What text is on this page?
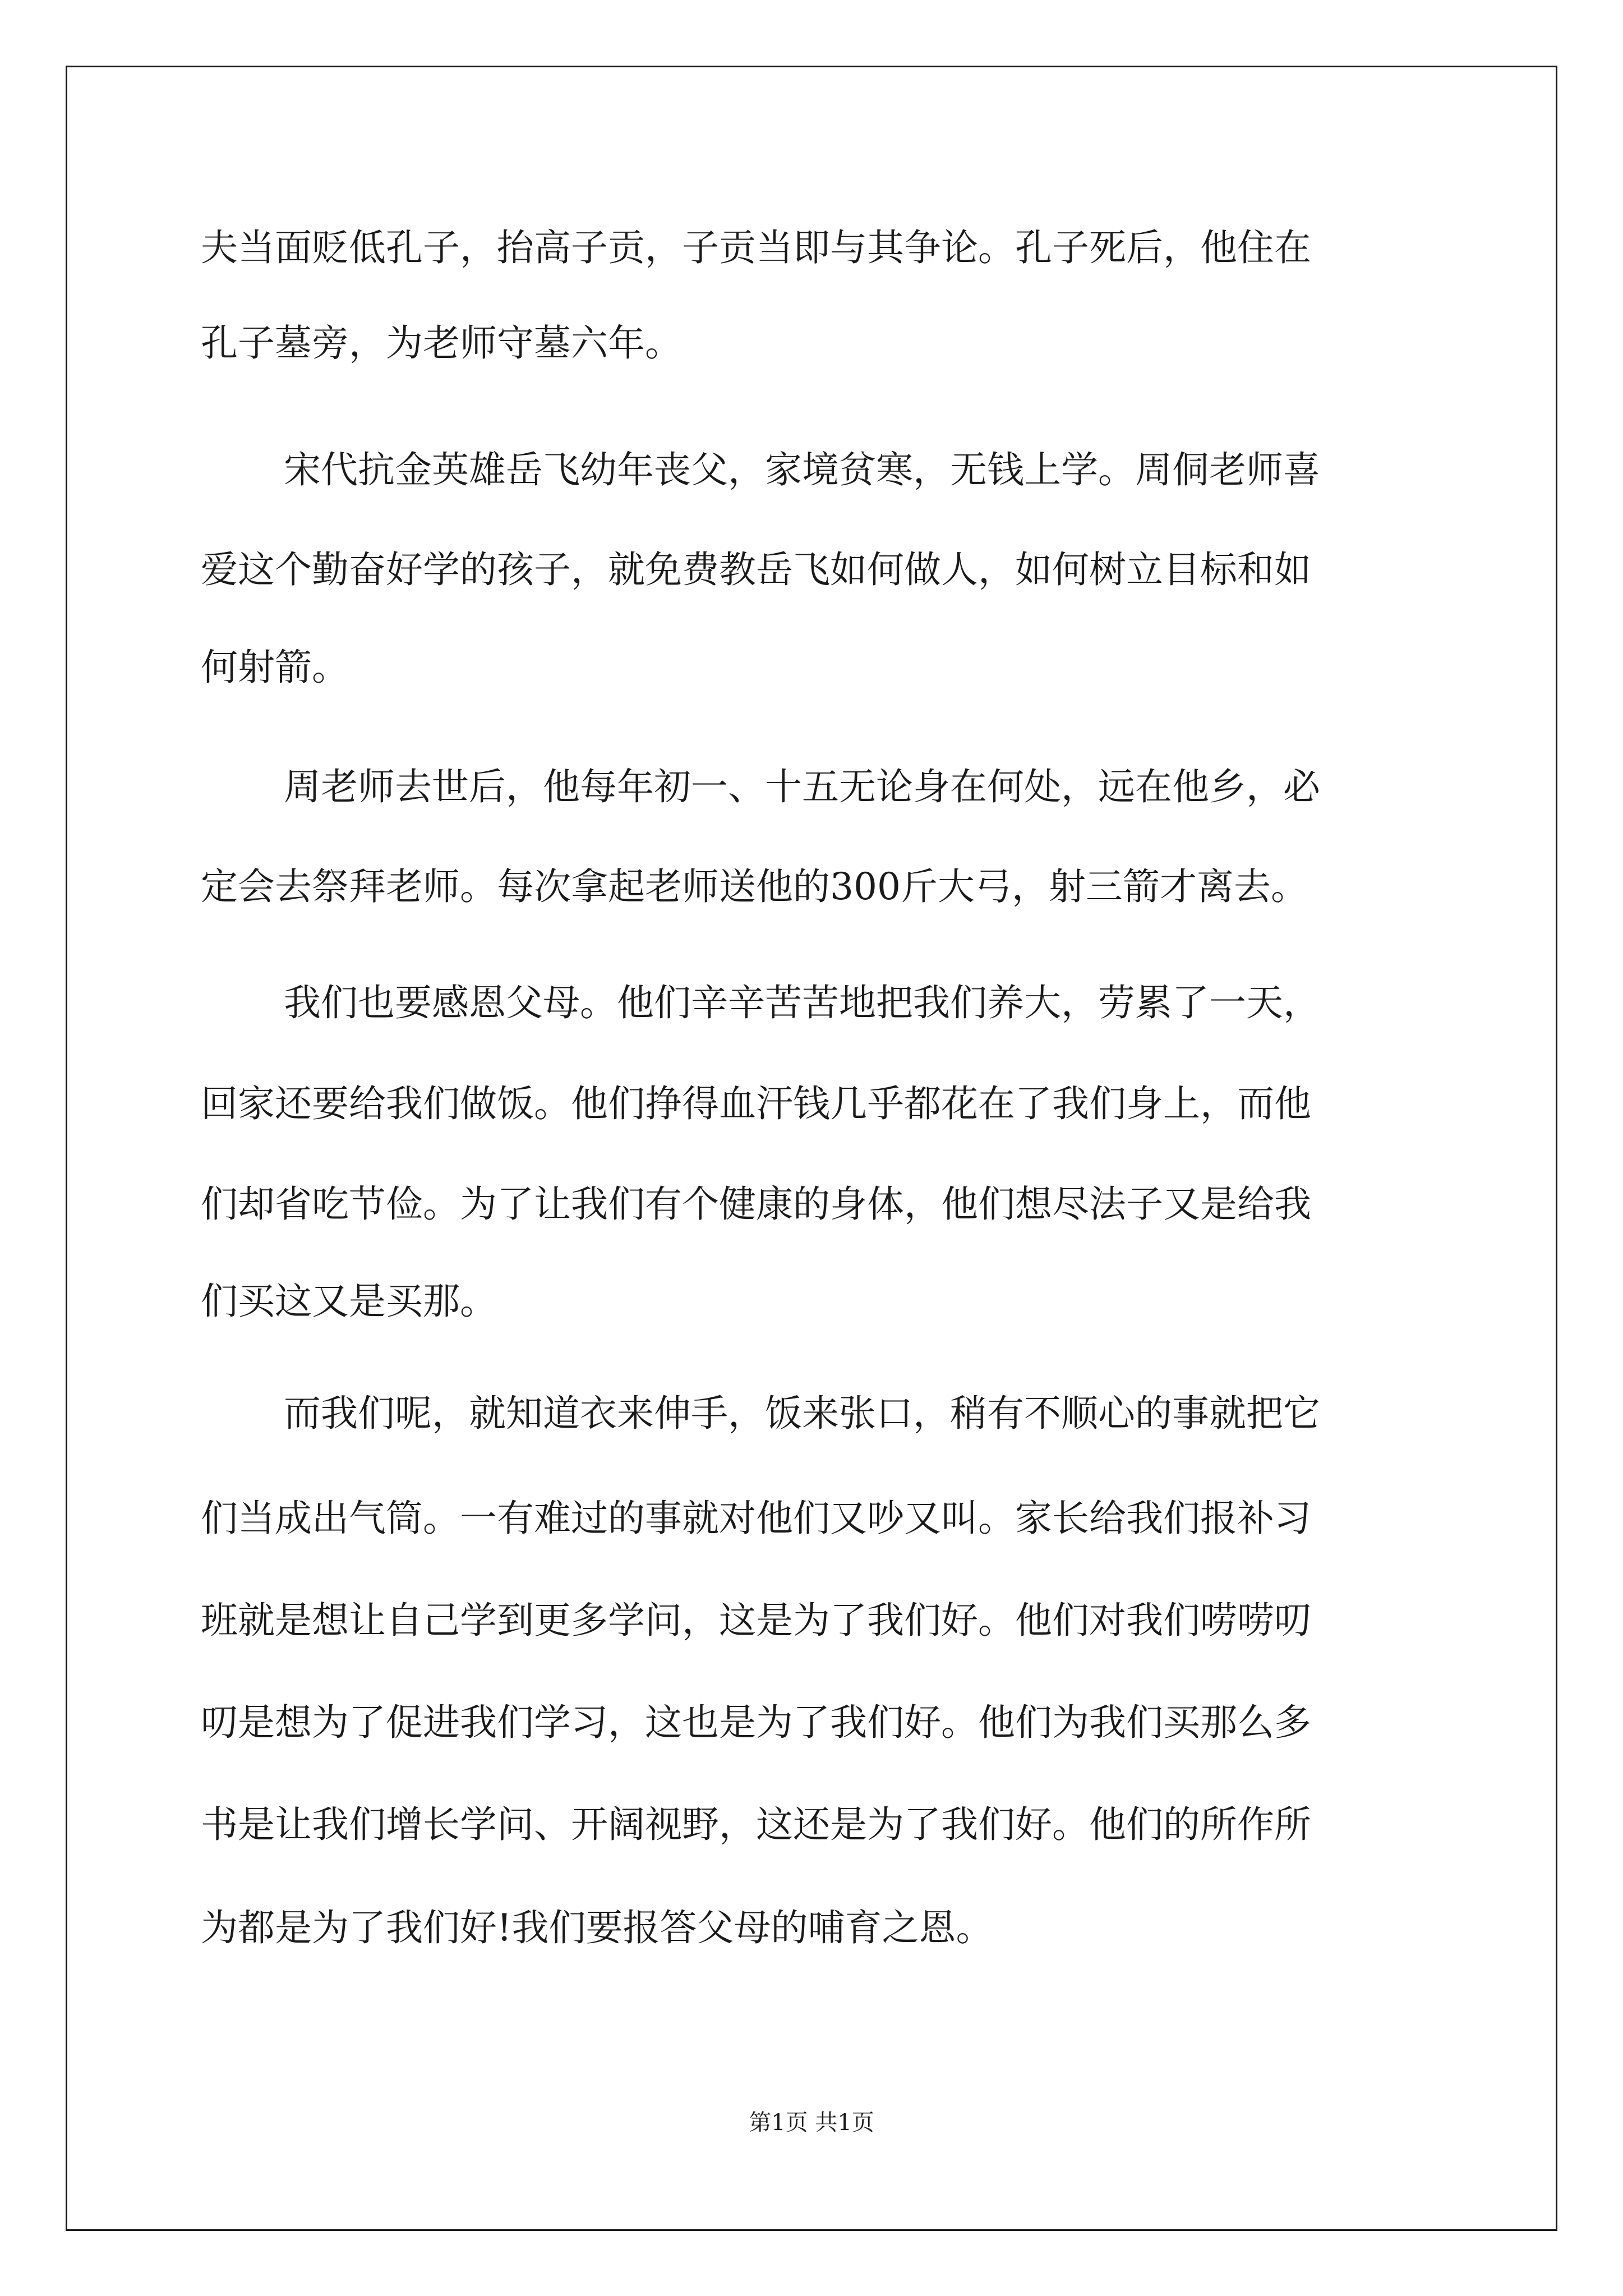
夫当面贬低孔子，抬高子贡，子贡当即与其争论。孔子死后，他住在
孔子墓旁，为老师守墓六年。
宋代抗金英雄岳飞幼年丧父，家境贫寒，无钱上学。周侗老师喜
爱这个勤奋好学的孩子，就免费教岳飞如何做人，如何树立目标和如
何射箭。
周老师去世后，他每年初一、十五无论身在何处，远在他乡，必
定会去祭拜老师。每次拿起老师送他的300斤大弓，射三箭才离去。
我们也要感恩父母。他们辛辛苦苦地把我们养大，劳累了一天，
回家还要给我们做饭。他们挣得血汗钱几乎都花在了我们身上，而他
们却省吃节俭。为了让我们有个健康的身体，他们想尽法子又是给我
们买这又是买那。
而我们呢，就知道衣来伸手，饭来张口，稍有不顺心的事就把它
们当成出气筒。一有难过的事就对他们又吵又叫。家长给我们报补习
班就是想让自己学到更多学问，这是为了我们好。他们对我们唠唠叨
叨是想为了促进我们学习，这也是为了我们好。他们为我们买那么多
书是让我们增长学问、开阔视野，这还是为了我们好。他们的所作所
为都是为了我们好!我们要报答父母的哺育之恩。
第1页 共1页
